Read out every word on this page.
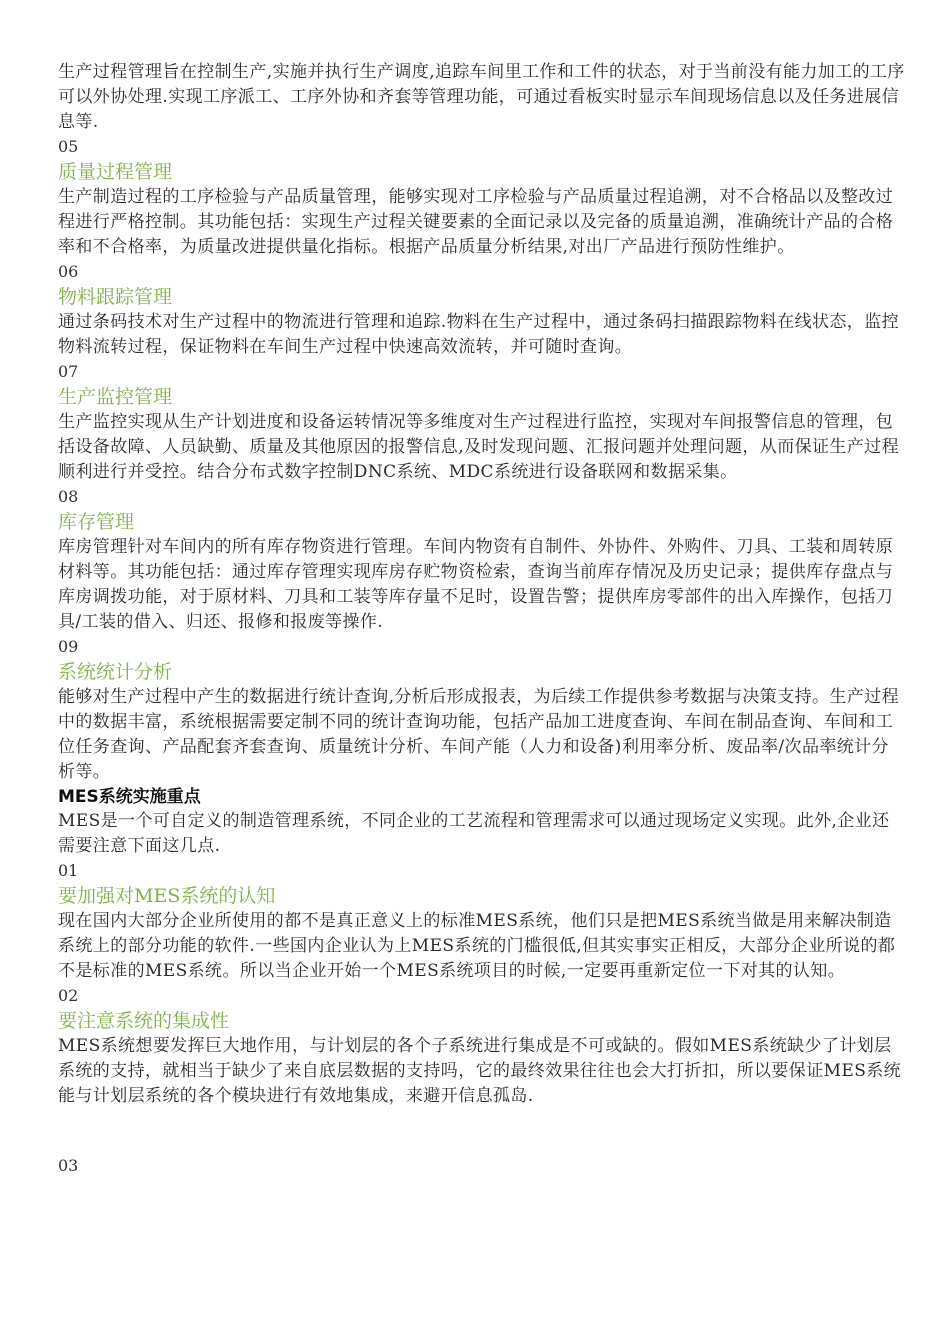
生产过程管理旨在控制生产,实施并执行生产调度,追踪车间里工作和工件的状态，对于当前没有能力加工的工序可以外协处理.实现工序派工、工序外协和齐套等管理功能，可通过看板实时显示车间现场信息以及任务进展信息等.

05
质量过程管理

生产制造过程的工序检验与产品质量管理，能够实现对工序检验与产品质量过程追溯，对不合格品以及整改过程进行严格控制。其功能包括：实现生产过程关键要素的全面记录以及完备的质量追溯，准确统计产品的合格率和不合格率，为质量改进提供量化指标。根据产品质量分析结果,对出厂产品进行预防性维护。

06
物料跟踪管理

通过条码技术对生产过程中的物流进行管理和追踪.物料在生产过程中，通过条码扫描跟踪物料在线状态，监控物料流转过程，保证物料在车间生产过程中快速高效流转，并可随时查询。

07
生产监控管理

生产监控实现从生产计划进度和设备运转情况等多维度对生产过程进行监控，实现对车间报警信息的管理，包括设备故障、人员缺勤、质量及其他原因的报警信息,及时发现问题、汇报问题并处理问题，从而保证生产过程顺利进行并受控。结合分布式数字控制DNC系统、MDC系统进行设备联网和数据采集。

08
库存管理

库房管理针对车间内的所有库存物资进行管理。车间内物资有自制件、外协件、外购件、刀具、工装和周转原材料等。其功能包括：通过库存管理实现库房存贮物资检索，查询当前库存情况及历史记录；提供库存盘点与库房调拨功能，对于原材料、刀具和工装等库存量不足时，设置告警；提供库房零部件的出入库操作，包括刀具/工装的借入、归还、报修和报废等操作.

09
系统统计分析

能够对生产过程中产生的数据进行统计查询,分析后形成报表，为后续工作提供参考数据与决策支持。生产过程中的数据丰富，系统根据需要定制不同的统计查询功能，包括产品加工进度查询、车间在制品查询、车间和工位任务查询、产品配套齐套查询、质量统计分析、车间产能（人力和设备)利用率分析、废品率/次品率统计分析等。

MES系统实施重点

MES是一个可自定义的制造管理系统，不同企业的工艺流程和管理需求可以通过现场定义实现。此外,企业还需要注意下面这几点.

01
要加强对MES系统的认知

现在国内大部分企业所使用的都不是真正意义上的标准MES系统，他们只是把MES系统当做是用来解决制造系统上的部分功能的软件.一些国内企业认为上MES系统的门槛很低,但其实事实正相反，大部分企业所说的都不是标准的MES系统。所以当企业开始一个MES系统项目的时候,一定要再重新定位一下对其的认知。

02
要注意系统的集成性

MES系统想要发挥巨大地作用，与计划层的各个子系统进行集成是不可或缺的。假如MES系统缺少了计划层系统的支持，就相当于缺少了来自底层数据的支持吗，它的最终效果往往也会大打折扣，所以要保证MES系统能与计划层系统的各个模块进行有效地集成，来避开信息孤岛.

03
